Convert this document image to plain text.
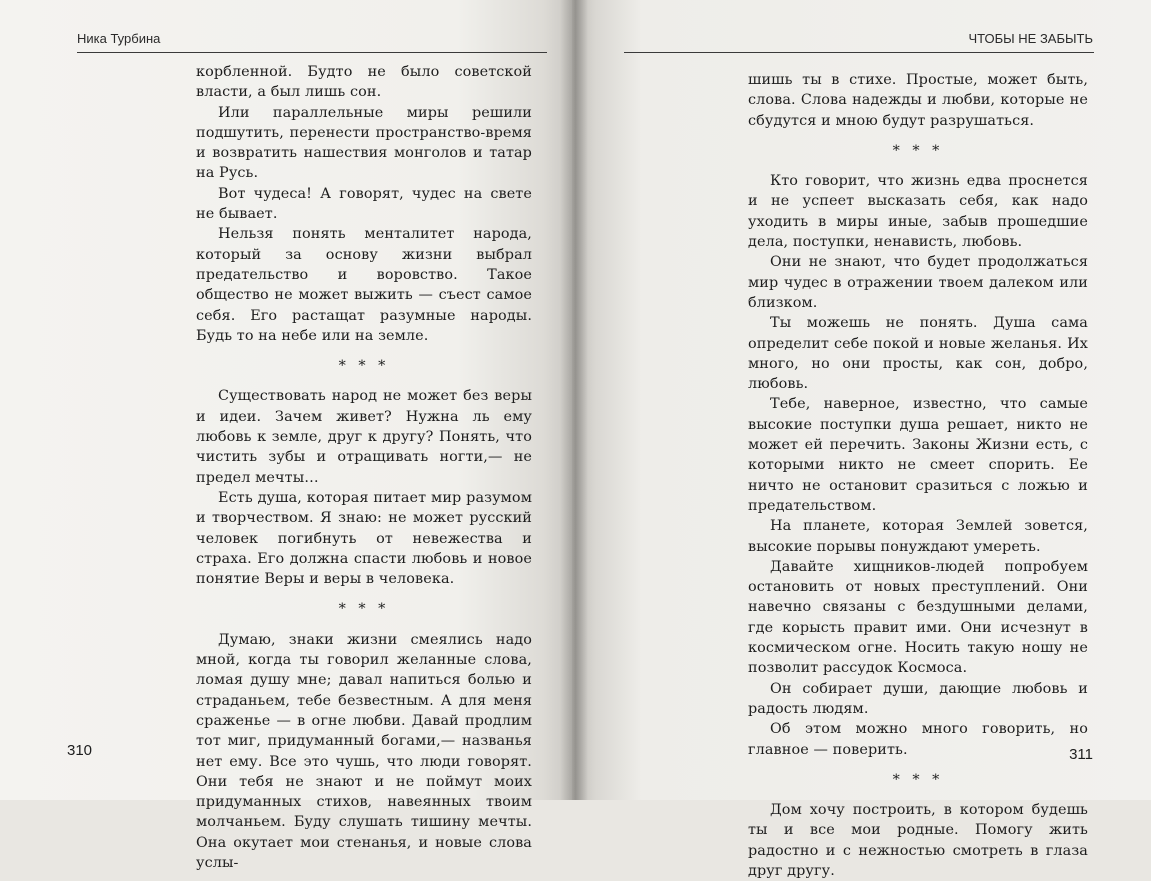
Ника Турбина

корбленной. Будто не было советской власти, а был лишь сон.

Или параллельные миры решили подшутить, перенести пространство-время и возвратить нашествия монголов и татар на Русь.

Вот чудеса! А говорят, чудес на свете не бывает.

Нельзя понять менталитет народа, который за основу жизни выбрал предательство и воровство. Такое общество не может выжить — съест самое себя. Его растащат разумные народы. Будь то на небе или на земле.

* * *

Существовать народ не может без веры и идеи. Зачем живет? Нужна ль ему любовь к земле, друг к другу? Понять, что чистить зубы и отращивать ногти,— не предел мечты…

Есть душа, которая питает мир разумом и творчеством. Я знаю: не может русский человек погибнуть от невежества и страха. Его должна спасти любовь и новое понятие Веры и веры в человека.

* * *

Думаю, знаки жизни смеялись надо мной, когда ты говорил желанные слова, ломая душу мне; давал напиться болью и страданьем, тебе безвестным. А для меня сраженье — в огне любви. Давай продлим тот миг, придуманный богами,— названья нет ему. Все это чушь, что люди говорят. Они тебя не знают и не поймут моих придуманных стихов, навеянных твоим молчаньем. Буду слушать тишину мечты. Она окутает мои стенанья, и новые слова услы-

310
ЧТОБЫ НЕ ЗАБЫТЬ

шишь ты в стихе. Простые, может быть, слова. Слова надежды и любви, которые не сбудутся и мною будут разрушаться.

* * *

Кто говорит, что жизнь едва проснется и не успеет высказать себя, как надо уходить в миры иные, забыв прошедшие дела, поступки, ненависть, любовь.

Они не знают, что будет продолжаться мир чудес в отражении твоем далеком или близком.

Ты можешь не понять. Душа сама определит себе покой и новые желанья. Их много, но они просты, как сон, добро, любовь.

Тебе, наверное, известно, что самые высокие поступки душа решает, никто не может ей перечить. Законы Жизни есть, с которыми никто не смеет спорить. Ее ничто не остановит сразиться с ложью и предательством.

На планете, которая Землей зовется, высокие порывы понуждают умереть.

Давайте хищников-людей попробуем остановить от новых преступлений. Они навечно связаны с бездушными делами, где корысть правит ими. Они исчезнут в космическом огне. Носить такую ношу не позволит рассудок Космоса.

Он собирает души, дающие любовь и радость людям.

Об этом можно много говорить, но главное — поверить.

* * *

Дом хочу построить, в котором будешь ты и все мои родные. Помогу жить радостно и с нежностью смотреть в глаза друг другу.

311
